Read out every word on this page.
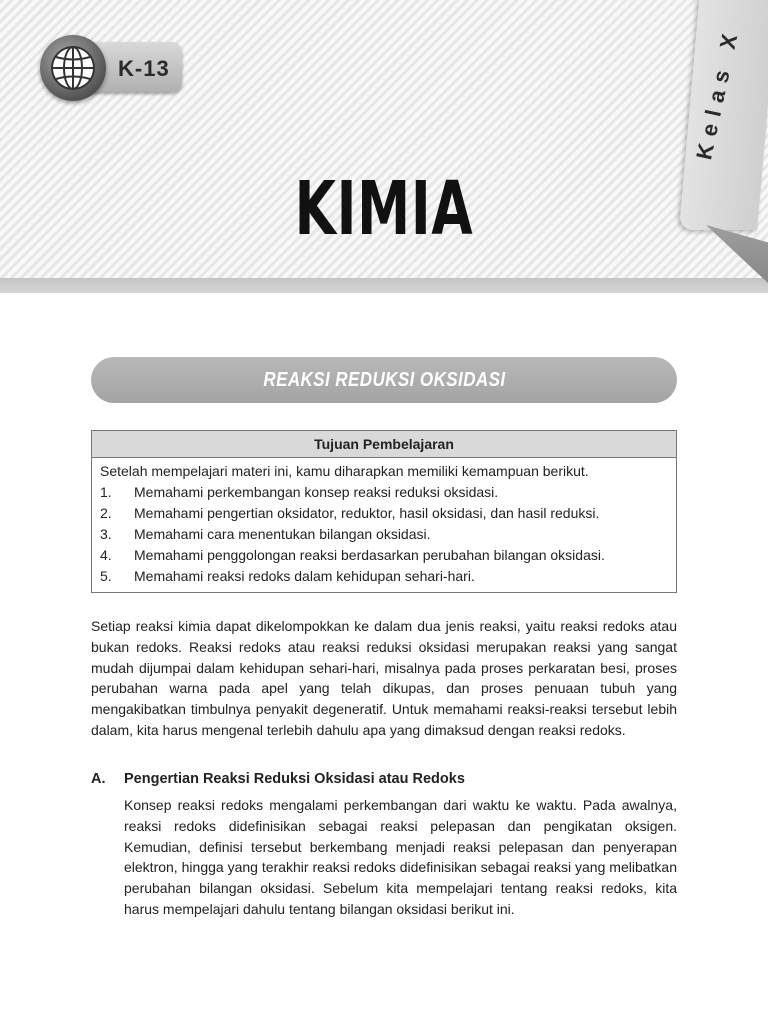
K-13	Kelas X
KIMIA
REAKSI REDUKSI OKSIDASI
Tujuan Pembelajaran
Setelah mempelajari materi ini, kamu diharapkan memiliki kemampuan berikut.
1. Memahami perkembangan konsep reaksi reduksi oksidasi.
2. Memahami pengertian oksidator, reduktor, hasil oksidasi, dan hasil reduksi.
3. Memahami cara menentukan bilangan oksidasi.
4. Memahami penggolongan reaksi berdasarkan perubahan bilangan oksidasi.
5. Memahami reaksi redoks dalam kehidupan sehari-hari.

Setiap reaksi kimia dapat dikelompokkan ke dalam dua jenis reaksi, yaitu reaksi redoks atau bukan redoks. Reaksi redoks atau reaksi reduksi oksidasi merupakan reaksi yang sangat mudah dijumpai dalam kehidupan sehari-hari, misalnya pada proses perkaratan besi, proses perubahan warna pada apel yang telah dikupas, dan proses penuaan tubuh yang mengakibatkan timbulnya penyakit degeneratif. Untuk memahami reaksi-reaksi tersebut lebih dalam, kita harus mengenal terlebih dahulu apa yang dimaksud dengan reaksi redoks.

A. Pengertian Reaksi Reduksi Oksidasi atau Redoks

Konsep reaksi redoks mengalami perkembangan dari waktu ke waktu. Pada awalnya, reaksi redoks didefinisikan sebagai reaksi pelepasan dan pengikatan oksigen. Kemudian, definisi tersebut berkembang menjadi reaksi pelepasan dan penyerapan elektron, hingga yang terakhir reaksi redoks didefinisikan sebagai reaksi yang melibatkan perubahan bilangan oksidasi. Sebelum kita mempelajari tentang reaksi redoks, kita harus mempelajari dahulu tentang bilangan oksidasi berikut ini.
